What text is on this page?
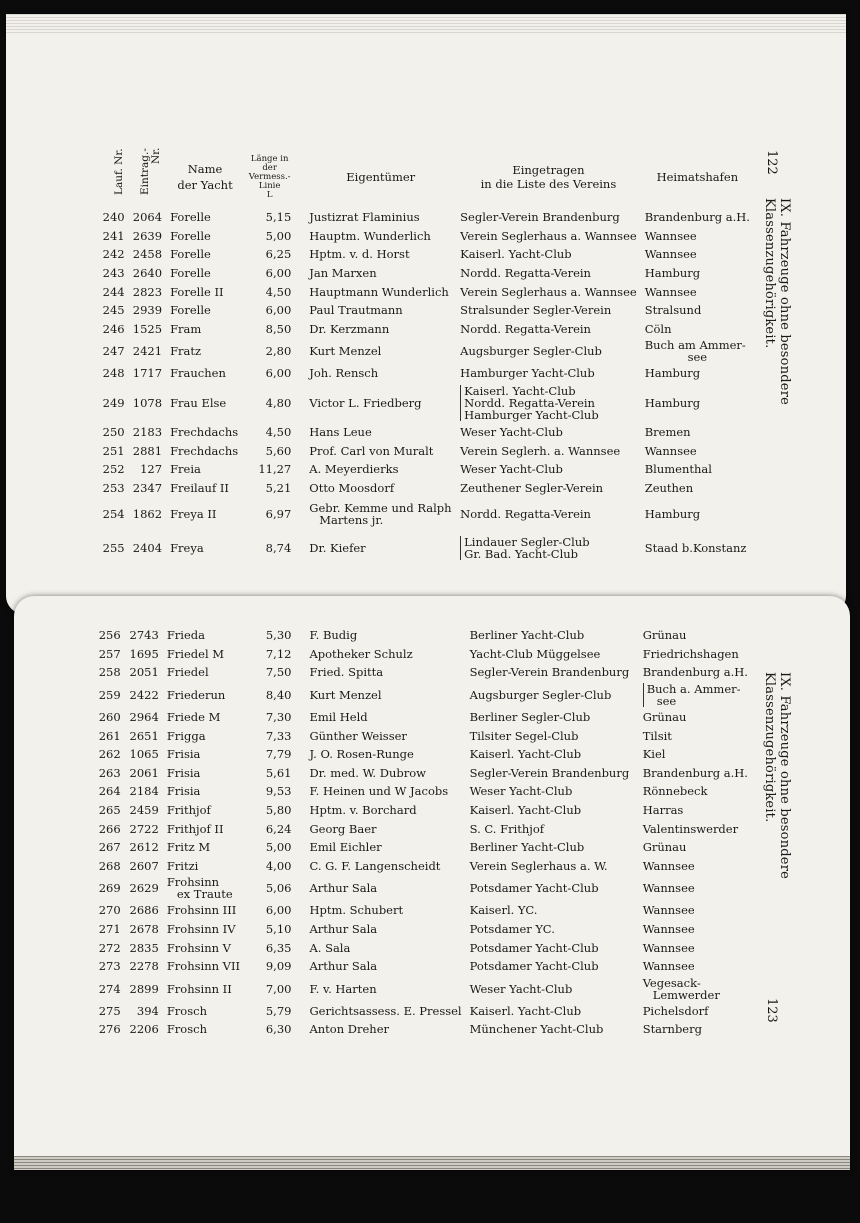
Lauf. Nr.	Eintrag.-Nr.	Name
der Yacht	Länge in der
Vermess.-
Linie
L	Eigentümer	Eingetragen
in die Liste des Vereins	Heimatshafen
240	2064	Forelle	5,15	Justizrat Flaminius	Segler-Verein Brandenburg	Brandenburg a.H.
241	2639	Forelle	5,00	Hauptm. Wunderlich	Verein Seglerhaus a. Wannsee	Wannsee
242	2458	Forelle	6,25	Hptm. v. d. Horst	Kaiserl. Yacht-Club	Wannsee
243	2640	Forelle	6,00	Jan Marxen	Nordd. Regatta-Verein	Hamburg
244	2823	Forelle II	4,50	Hauptmann Wunderlich	Verein Seglerhaus a. Wannsee	Wannsee
245	2939	Forelle	6,00	Paul Trautmann	Stralsunder Segler-Verein	Stralsund
246	1525	Fram	8,50	Dr. Kerzmann	Nordd. Regatta-Verein	Cöln
247	2421	Fratz	2,80	Kurt Menzel	Augsburger Segler-Club	Buch am Ammer-
see

248	1717	Frauchen	6,00	Joh. Rensch	Hamburger Yacht-Club	Hamburg
249	1078	Frau Else	4,80	Victor L. Friedberg	Kaiserl. Yacht-Club
Nordd. Regatta-Verein
Hamburger Yacht-Club	Hamburg
250	2183	Frechdachs	4,50	Hans Leue	Weser Yacht-Club	Bremen
251	2881	Frechdachs	5,60	Prof. Carl von Muralt	Verein Seglerh. a. Wannsee	Wannsee
252	127	Freia	11,27	A. Meyerdierks	Weser Yacht-Club	Blumenthal
253	2347	Freilauf II	5,21	Otto Moosdorf	Zeuthener Segler-Verein	Zeuthen
254	1862	Freya II	6,97	Gebr. Kemme und Ralph
Martens jr.	Nordd. Regatta-Verein	Hamburg
255	2404	Freya	8,74	Dr. Kiefer	Lindauer Segler-Club
Gr. Bad. Yacht-Club	Staad b.Konstanz
122
IX. Fahrzeuge ohne besondere Klassenzugehörigkeit.
256	2743	Frieda	5,30	F. Budig	Berliner Yacht-Club	Grünau
257	1695	Friedel M	7,12	Apotheker Schulz	Yacht-Club Müggelsee	Friedrichshagen
258	2051	Friedel	7,50	Fried. Spitta	Segler-Verein Brandenburg	Brandenburg a.H.
259	2422	Friederun	8,40	Kurt Menzel	Augsburger Segler-Club	Buch a. Ammer-
see

260	2964	Friede M	7,30	Emil Held	Berliner Segler-Club	Grünau
261	2651	Frigga	7,33	Günther Weisser	Tilsiter Segel-Club	Tilsit
262	1065	Frisia	7,79	J. O. Rosen-Runge	Kaiserl. Yacht-Club	Kiel
263	2061	Frisia	5,61	Dr. med. W. Dubrow	Segler-Verein Brandenburg	Brandenburg a.H.
264	2184	Frisia	9,53	F. Heinen und W Jacobs	Weser Yacht-Club	Rönnebeck
265	2459	Frithjof	5,80	Hptm. v. Borchard	Kaiserl. Yacht-Club	Harras
266	2722	Frithjof II	6,24	Georg Baer	S. C. Frithjof	Valentinswerder
267	2612	Fritz M	5,00	Emil Eichler	Berliner Yacht-Club	Grünau
268	2607	Fritzi	4,00	C. G. F. Langenscheidt	Verein Seglerhaus a. W.	Wannsee
269	2629	Frohsinn
ex Traute	5,06	Arthur Sala	Potsdamer Yacht-Club	Wannsee
270	2686	Frohsinn III	6,00	Hptm. Schubert	Kaiserl. YC.	Wannsee
271	2678	Frohsinn IV	5,10	Arthur Sala	Potsdamer YC.	Wannsee
272	2835	Frohsinn V	6,35	A. Sala	Potsdamer Yacht-Club	Wannsee
273	2278	Frohsinn VII	9,09	Arthur Sala	Potsdamer Yacht-Club	Wannsee
274	2899	Frohsinn II	7,00	F. v. Harten	Weser Yacht-Club	Vegesack-
Lemwerder

275	394	Frosch	5,79	Gerichtsassess. E. Pressel	Kaiserl. Yacht-Club	Pichelsdorf
276	2206	Frosch	6,30	Anton Dreher	Münchener Yacht-Club	Starnberg
IX. Fahrzeuge ohne besondere Klassenzugehörigkeit.
123
